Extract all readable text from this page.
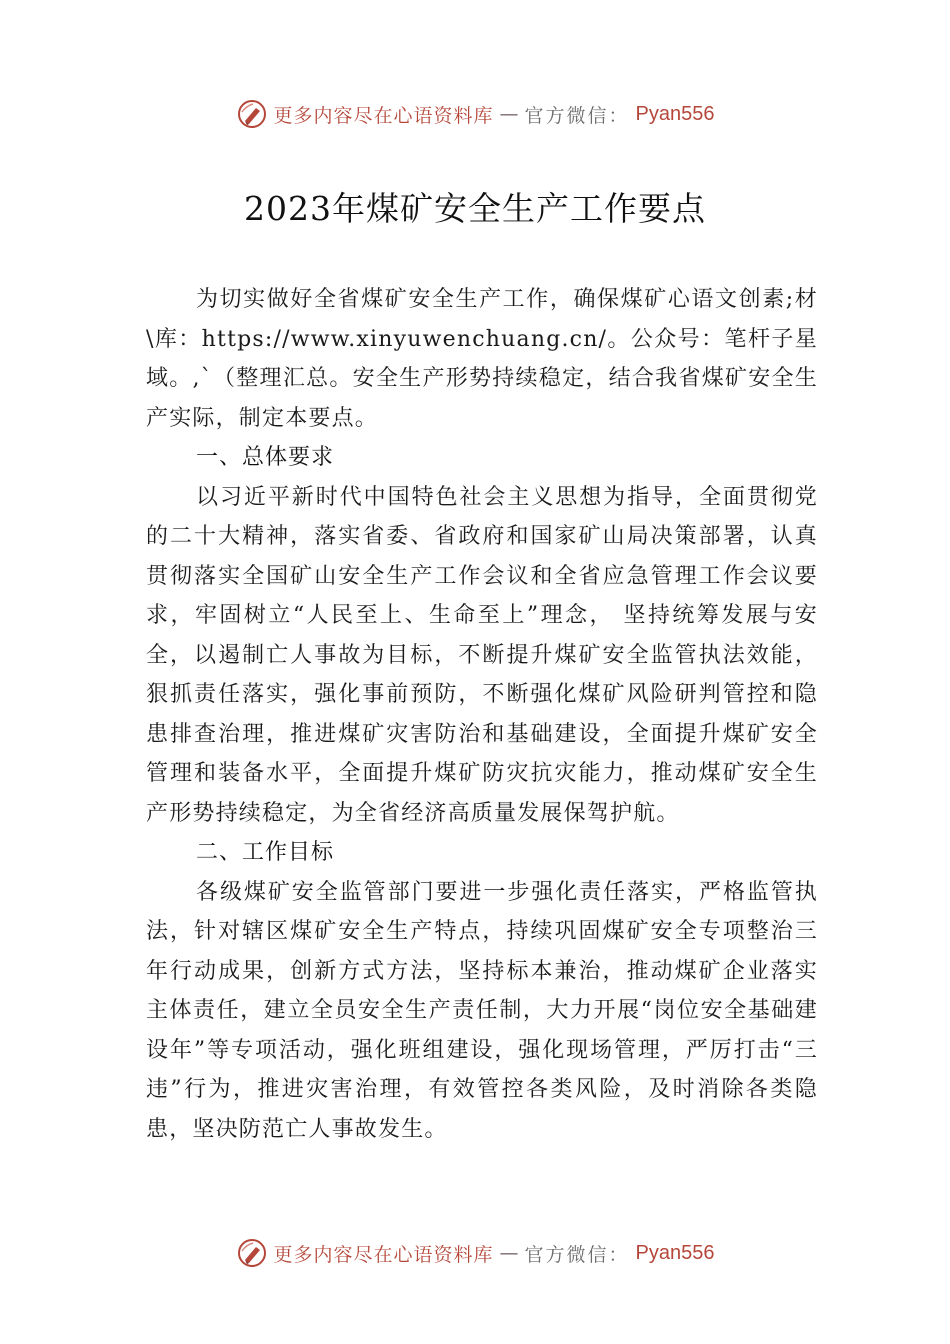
更多内容尽在心语资料库 — 官方微信： Pyan556
2023年煤矿安全生产工作要点

为切实做好全省煤矿安全生产工作，确保煤矿心语文创素;材\库：https://www.xinyuwenchuang.cn/。公众号：笔杆子星域。,`（整理汇总。安全生产形势持续稳定，结合我省煤矿安全生产实际，制定本要点。

一、总体要求

以习近平新时代中国特色社会主义思想为指导，全面贯彻党的二十大精神，落实省委、省政府和国家矿山局决策部署，认真贯彻落实全国矿山安全生产工作会议和全省应急管理工作会议要求，牢固树立“人民至上、生命至上”理念， 坚持统筹发展与安全，以遏制亡人事故为目标，不断提升煤矿安全监管执法效能，狠抓责任落实，强化事前预防，不断强化煤矿风险研判管控和隐患排查治理，推进煤矿灾害防治和基础建设，全面提升煤矿安全管理和装备水平，全面提升煤矿防灾抗灾能力，推动煤矿安全生产形势持续稳定，为全省经济高质量发展保驾护航。

二、工作目标

各级煤矿安全监管部门要进一步强化责任落实，严格监管执法，针对辖区煤矿安全生产特点，持续巩固煤矿安全专项整治三年行动成果，创新方式方法，坚持标本兼治，推动煤矿企业落实主体责任，建立全员安全生产责任制，大力开展“岗位安全基础建设年”等专项活动，强化班组建设，强化现场管理，严厉打击“三违”行为，推进灾害治理，有效管控各类风险，及时消除各类隐患，坚决防范亡人事故发生。

更多内容尽在心语资料库 — 官方微信： Pyan556
